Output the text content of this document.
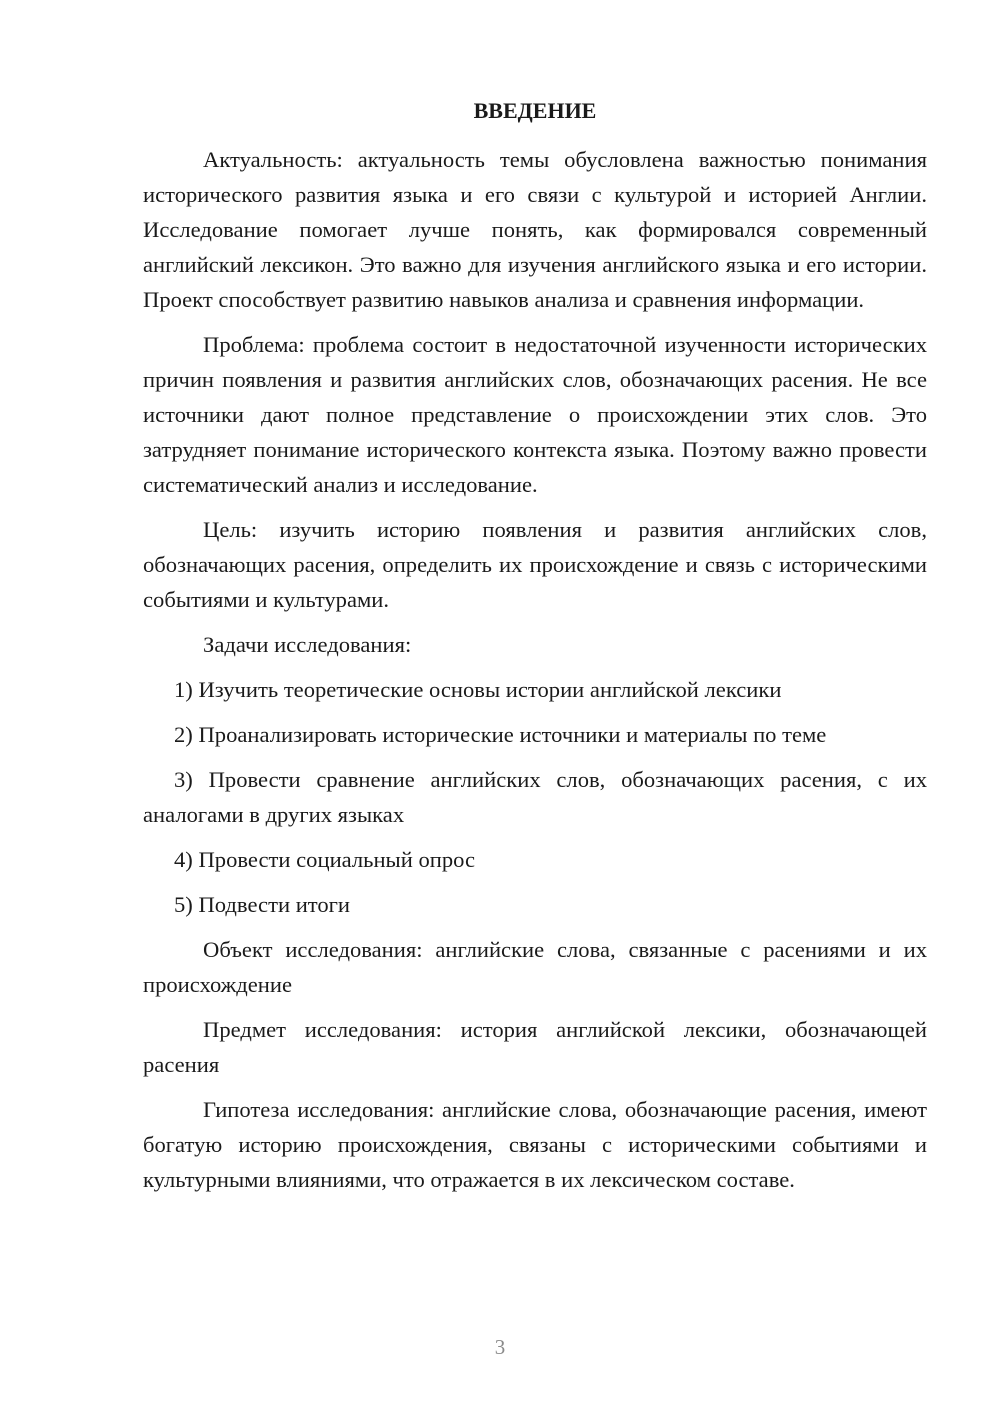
ВВЕДЕНИЕ

Актуальность: актуальность темы обусловлена важностью понимания исторического развития языка и его связи с культурой и историей Англии. Исследование помогает лучше понять, как формировался современный английский лексикон. Это важно для изучения английского языка и его истории. Проект способствует развитию навыков анализа и сравнения информации.

Проблема: проблема состоит в недостаточной изученности исторических причин появления и развития английских слов, обозначающих расения. Не все источники дают полное представление о происхождении этих слов. Это затрудняет понимание исторического контекста языка. Поэтому важно провести систематический анализ и исследование.

Цель: изучить историю появления и развития английских слов, обозначающих расения, определить их происхождение и связь с историческими событиями и культурами.

Задачи исследования:

1) Изучить теоретические основы истории английской лексики

2) Проанализировать исторические источники и материалы по теме

3) Провести сравнение английских слов, обозначающих расения, с их аналогами в других языках

4) Провести социальный опрос

5) Подвести итоги

Объект исследования: английские слова, связанные с расениями и их происхождение

Предмет исследования: история английской лексики, обозначающей расения

Гипотеза исследования: английские слова, обозначающие расения, имеют богатую историю происхождения, связаны с историческими событиями и культурными влияниями, что отражается в их лексическом составе.

3
